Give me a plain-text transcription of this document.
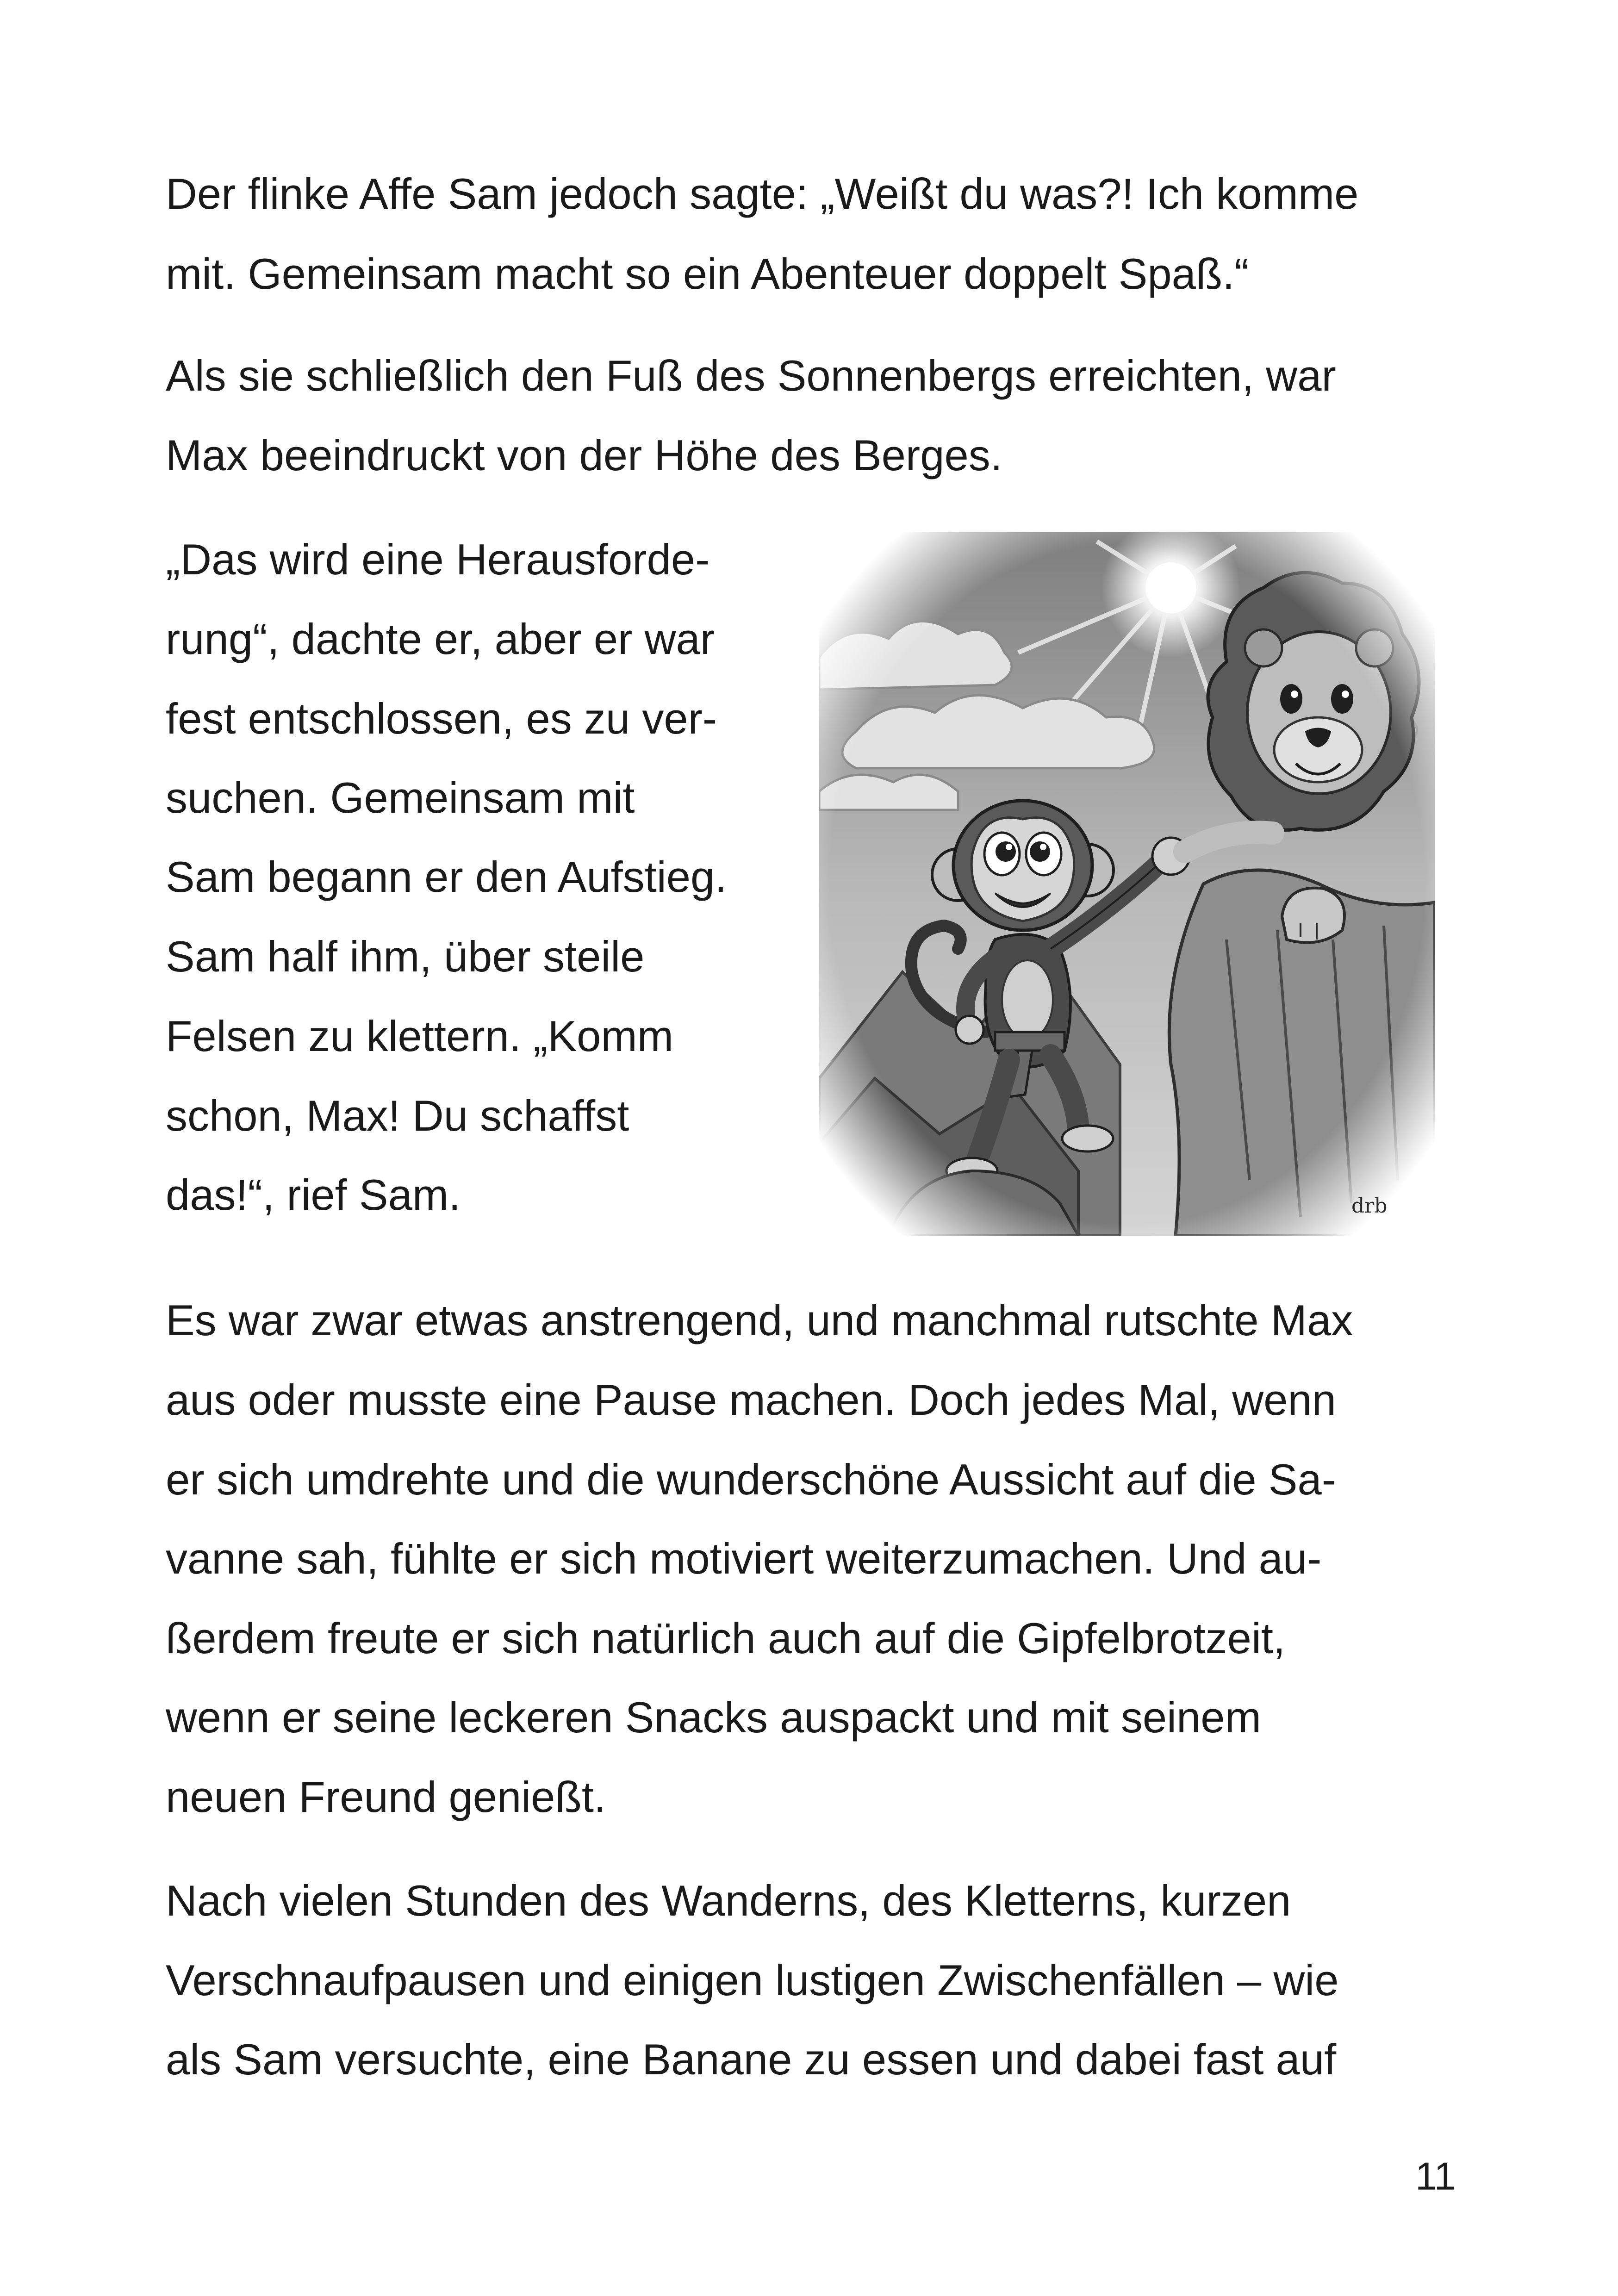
Der flinke Affe Sam jedoch sagte: „Weißt du was?! Ich komme
mit. Gemeinsam macht so ein Abenteuer doppelt Spaß.“
Als sie schließlich den Fuß des Sonnenbergs erreichten, war
Max beeindruckt von der Höhe des Berges.
„Das wird eine Herausforde-
rung“, dachte er, aber er war
fest entschlossen, es zu ver-
suchen. Gemeinsam mit
Sam begann er den Aufstieg.
Sam half ihm, über steile
Felsen zu klettern. „Komm
schon, Max! Du schaffst
das!“, rief Sam.	drb
Es war zwar etwas anstrengend, und manchmal rutschte Max
aus oder musste eine Pause machen. Doch jedes Mal, wenn
er sich umdrehte und die wunderschöne Aussicht auf die Sa-
vanne sah, fühlte er sich motiviert weiterzumachen. Und au-
ßerdem freute er sich natürlich auch auf die Gipfelbrotzeit,
wenn er seine leckeren Snacks auspackt und mit seinem
neuen Freund genießt.
Nach vielen Stunden des Wanderns, des Kletterns, kurzen
Verschnaufpausen und einigen lustigen Zwischenfällen – wie
als Sam versuchte, eine Banane zu essen und dabei fast auf
11
